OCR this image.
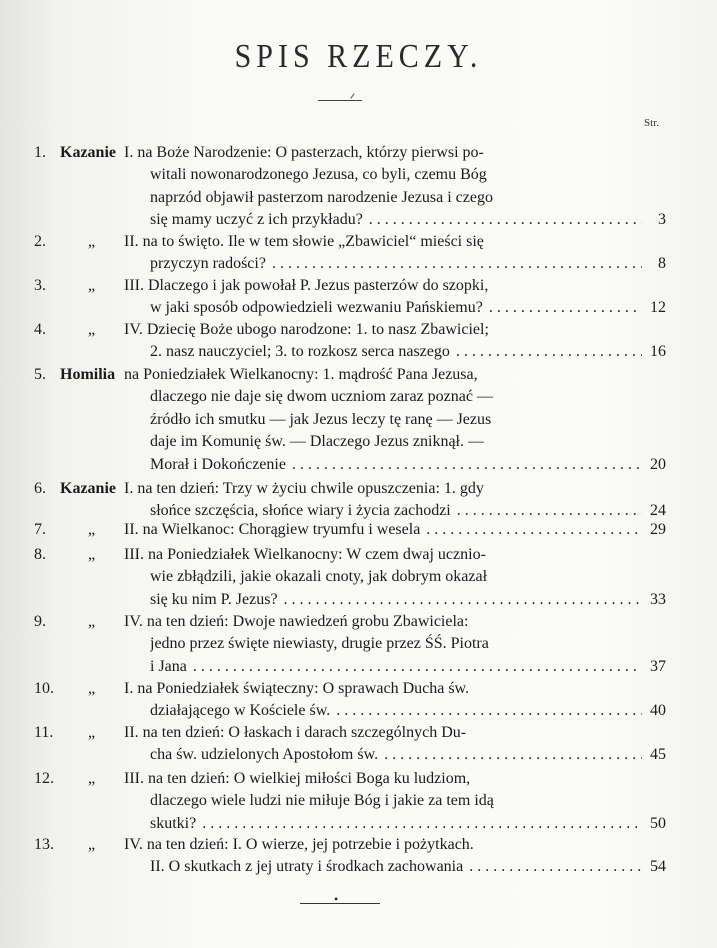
SPIS RZECZY.
Str.
1. Kazanie I. na Boże Narodzenie: O pasterzach, którzy pierwsi po-
witali nowonarodzonego Jezusa, co byli, czemu Bóg
naprzód objawił pasterzom narodzenie Jezusa i czego
się mamy uczyć z ich przykładu? . . .	3
2.	„ II. na to święto. Ile w tem słowie „Zbawiciel“ mieści się
przyczyn radości? . . .	8
3.	„ III. Dlaczego i jak powołał P. Jezus pasterzów do szopki,
w jaki sposób odpowiedzieli wezwaniu Pańskiemu? . . .	12
4.	„ IV. Dziecię Boże ubogo narodzone: 1. to nasz Zbawiciel;
2. nasz nauczyciel; 3. to rozkosz serca naszego . . .	16
5. Homilia na Poniedziałek Wielkanocny: 1. mądrość Pana Jezusa,
dlaczego nie daje się dwom uczniom zaraz poznać —
źródło ich smutku — jak Jezus leczy tę ranę — Jezus
daje im Komunię św. — Dlaczego Jezus zniknął. —
Morał i Dokończenie . . .	20
6. Kazanie I. na ten dzień: Trzy w życiu chwile opuszczenia: 1. gdy
słońce szczęścia, słońce wiary i życia zachodzi . . .	24
7.	„ II. na Wielkanoc: Chorągiew tryumfu i wesela . . .	29
8.	„ III. na Poniedziałek Wielkanocny: W czem dwaj ucznio-
wie zbłądzili, jakie okazali cnoty, jak dobrym okazał
się ku nim P. Jezus? . . .	33
9.	„ IV. na ten dzień: Dwoje nawiedzeń grobu Zbawiciela:
jedno przez święte niewiasty, drugie przez ŚŚ. Piotra
i Jana . . .	37
10.	„ I. na Poniedziałek świąteczny: O sprawach Ducha św.
działającego w Kościele św. . . .	40
11.	„ II. na ten dzień: O łaskach i darach szczególnych Du-
cha św. udzielonych Apostołom św. . . .	45
12.	„ III. na ten dzień: O wielkiej miłości Boga ku ludziom,
dlaczego wiele ludzi nie miłuje Bóg i jakie za tem idą
skutki? . . .	50
13.	„ IV. na ten dzień: I. O wierze, jej potrzebie i pożytkach.
II. O skutkach z jej utraty i środkach zachowania . . .	54
•
